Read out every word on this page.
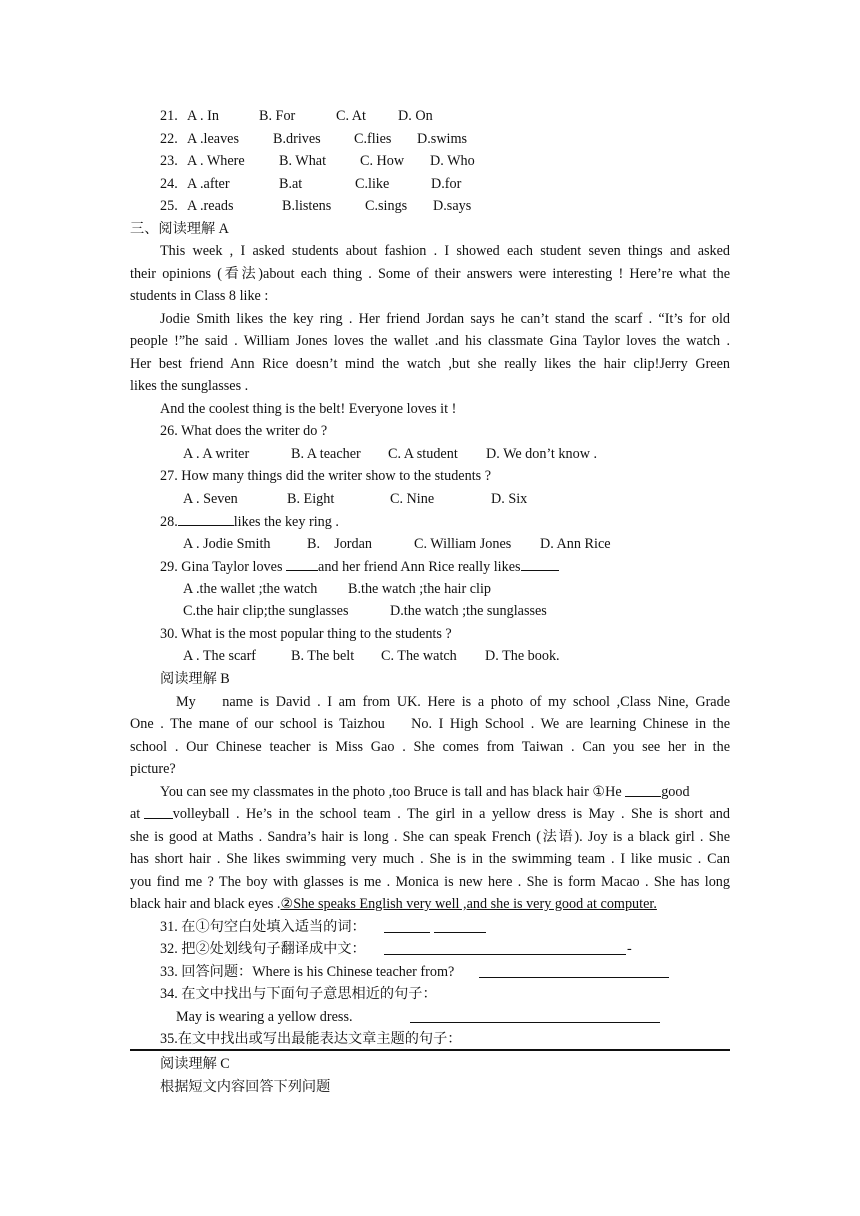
21. A . In	B. For	C. At D. On
22. A .leaves B.drives C.flies D.swims
23. A . Where B. What C. How D. Who
24. A .after	B.at	C.like	D.for
25. A .reads	B.listens C.sings D.says
三、阅读理解 A
This week , I asked students about fashion . I showed each student seven things and asked
their opinions (看法)about each thing . Some of their answers were interesting ! Here’re what the
students in Class 8 like :
Jodie Smith likes the key ring . Her friend Jordan says he can’t stand the scarf . “It’s for old
people !”he said . William Jones loves the wallet .and his classmate Gina Taylor loves the watch .
Her best friend Ann Rice doesn’t mind the watch ,but she really likes the hair clip!Jerry Green
likes the sunglasses .
And the coolest thing is the belt! Everyone loves it !
26. What does the writer do ?
A . A writer	B. A teacher C. A student D. We don’t know .
27. How many things did the writer show to the students ?
A . Seven	B. Eight	C. Nine	D. Six
28.	likes the key ring .
A . Jodie Smith	B.    Jordan	C. William Jones D. Ann Rice
29. Gina Taylor loves and her friend Ann Rice really likes
A .the wallet ;the watch B.the watch ;the hair clip
C.the hair clip;the sunglasses	D.the watch ;the sunglasses
30. What is the most popular thing to the students ?
A . The scarf B. The belt C. The watch D. The book.
阅读理解 B
My    name is David . I am from UK. Here is a photo of my school ,Class Nine, Grade
One . The mane of our school is Taizhou    No. I High School . We are learning Chinese in the
school . Our Chinese teacher is Miss Gao . She comes from Taiwan . Can you see her in the
picture?
You can see my classmates in the photo ,too Bruce is tall and has black hair ①He	good
at volleyball . He’s in the school team . The girl in a yellow dress is May . She is short and
she is good at Maths . Sandra’s hair is long . She can speak French (法语). Joy is a black girl . She
has short hair . She likes swimming very much . She is in the swimming team . I like music . Can
you find me ? The boy with glasses is me . Monica is new here . She is form Macao . She has long
black hair and black eyes .②She speaks English very well ,and she is very good at computer.
31. 在①句空白处填入适当的词：
32. 把②处划线句子翻译成中文：	-
33. 回答问题：Where is his Chinese teacher from?
34. 在文中找出与下面句子意思相近的句子：
May is wearing a yellow dress.
35.在文中找出或写出最能表达文章主题的句子：
阅读理解 C
根据短文内容回答下列问题
